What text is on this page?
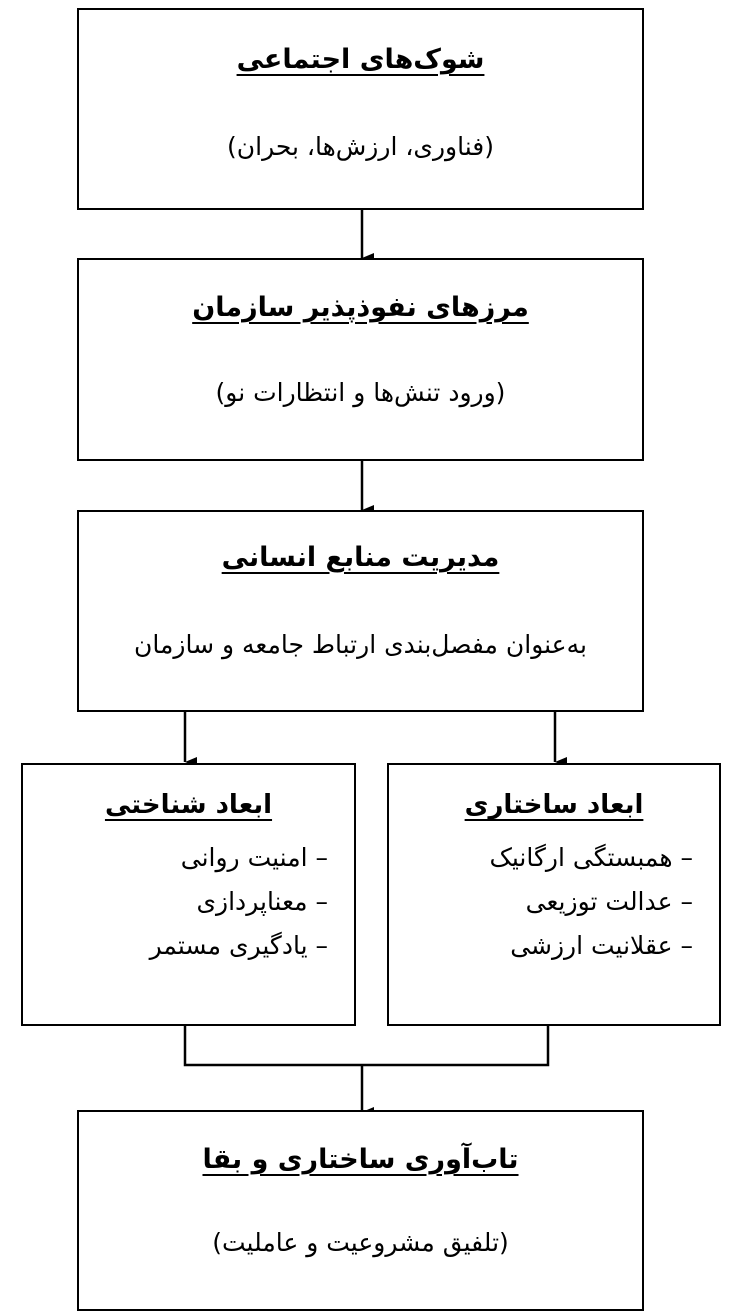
شوک‌های اجتماعی
(فناوری، ارزش‌ها، بحران)
مرزهای نفوذپذیر سازمان
(ورود تنش‌ها و انتظارات نو)
مدیریت منابع انسانی
به‌عنوان مفصل‌بندی ارتباط جامعه و سازمان
ابعاد شناختی
– امنیت روانی
– معناپردازی
– یادگیری مستمر
ابعاد ساختاری
– همبستگی ارگانیک
– عدالت توزیعی
– عقلانیت ارزشی
تاب‌آوری ساختاری و بقا
(تلفیق مشروعیت و عاملیت)
